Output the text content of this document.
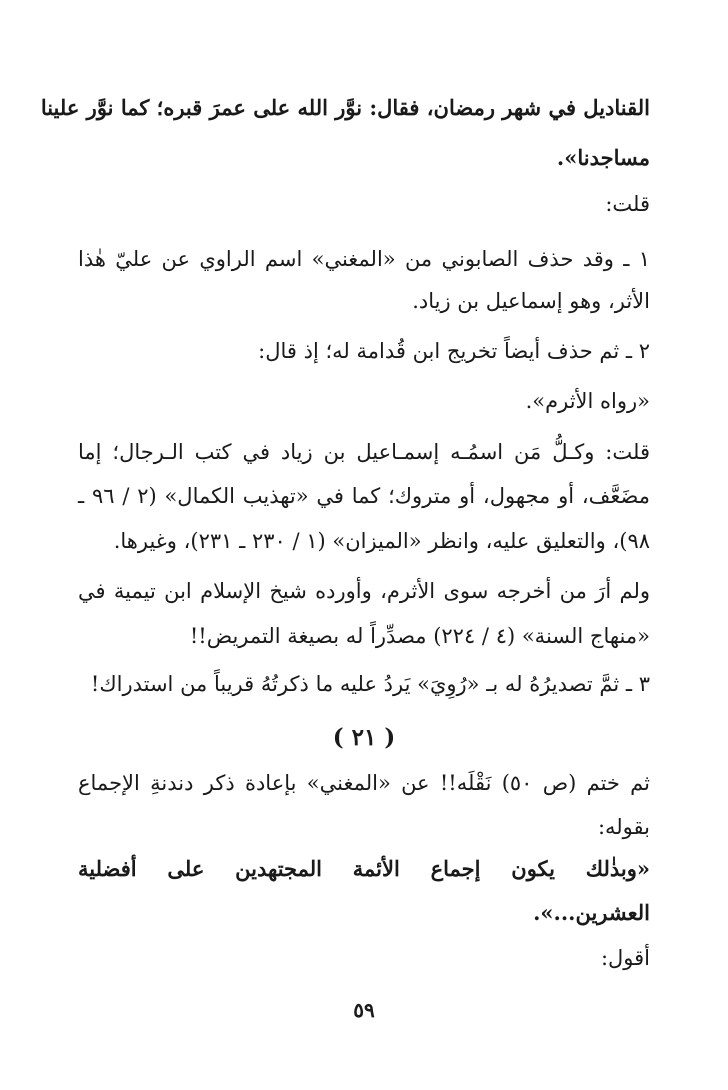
القناديل في شهر رمضان، فقال: نوَّر الله على عمرَ قبره؛ كما نوَّر علينا

مساجدنا».

قلت:

١ ـ وقد حذف الصابوني من «المغني» اسم الراوي عن عليّ هٰذا

الأثر، وهو إسماعيل بن زياد.

٢ ـ ثم حذف أيضاً تخريج ابن قُدامة له؛ إذ قال:

«رواه الأثرم».

قلت: وكـلُّ مَن اسمُـه إسمـاعيل بن زياد في كتب الـرجال؛ إما

مضَعَّف، أو مجهول، أو متروك؛ كما في «تهذيب الكمال» (٢ / ٩٦ ـ

٩٨)، والتعليق عليه، وانظر «الميزان» (١ / ٢٣٠ ـ ٢٣١)، وغيرها.

ولم أرَ من أخرجه سوى الأثرم، وأورده شيخ الإسلام ابن تيمية في

«منهاج السنة» (٤ / ٢٢٤) مصدِّراً له بصيغة التمريض!!

٣ ـ ثمَّ تصديرُهُ له بـ «رُوِيَ» يَردُ عليه ما ذكرتُهُ قريباً من استدراك!

( ٢١ )

ثم ختم (ص ٥٠) نَقْلَه!! عن «المغني» بإعادة ذكر دندنةِ الإجماع

بقوله:

«وبذٰلك يكون إجماع الأئمة المجتهدين على أفضلية

العشرين...».

أقول:

٥٩
